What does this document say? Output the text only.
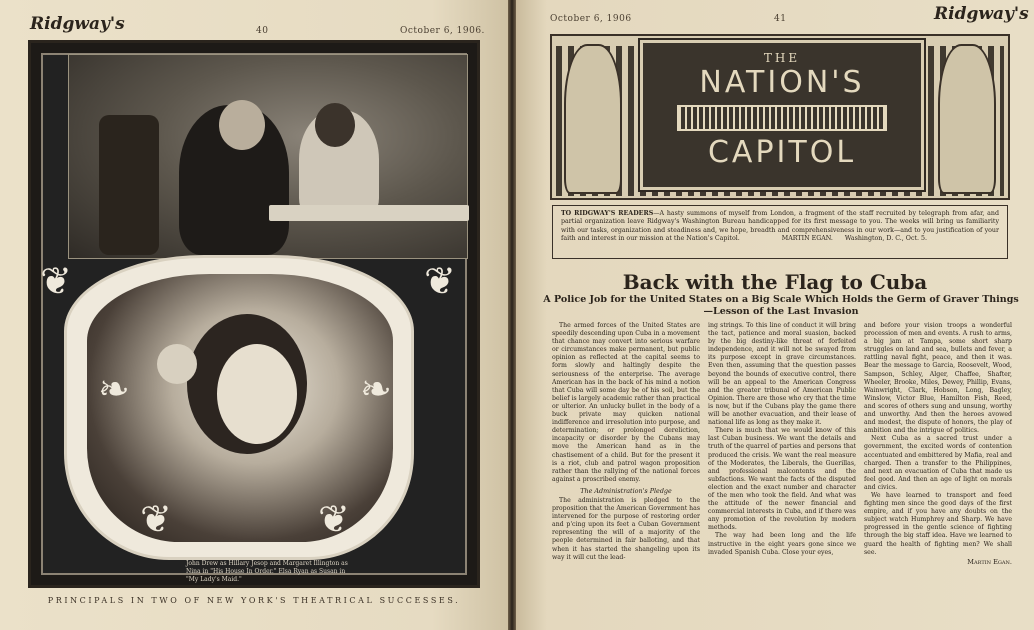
Ridgway's	40	October 6, 1906.
❦	❦
❧	❧
❦	❦
John Drew as Hillary Jesop and Margaret Illington as Nina in "His House In Order." Elsa Ryan as Susan in "My Lady's Maid."
PRINCIPALS IN TWO OF NEW YORK'S THEATRICAL SUCCESSES.
October 6, 1906	41	Ridgway's
THE
NATION'S
CAPITOL
TO RIDGWAY'S READERS—A hasty summons of myself from London, a fragment of the staff recruited by telegraph from afar, and partial organization leave Ridgway's Washington Bureau handicapped for its first message to you. The weeks will bring us familiarity with our tasks, organization and steadiness and, we hope, breadth and comprehensiveness in our work—and to you justification of your faith and interest in our mission at the Nation's Capitol.	MARTIN EGAN. Washington, D. C., Oct. 5.
Back with the Flag to Cuba
A Police Job for the United States on a Big Scale Which Holds the Germ of Graver Things—Lesson of the Last Invasion

The armed forces of the United States are speedily descending upon Cuba in a movement that chance may convert into serious warfare or circumstances make permanent, but public opinion as reflected at the capital seems to form slowly and haltingly despite the seriousness of the enterprise. The average American has in the back of his mind a notion that Cuba will some day be of his soil, but the belief is largely academic rather than practical or ulterior. An unlucky bullet in the body of a buck private may quicken national indifference and irresolution into purpose, and determination; or prolonged dereliction, incapacity or disorder by the Cubans may move the American hand as in the chastisement of a child. But for the present it is a riot, club and patrol wagon proposition rather than the rallying of the national forces against a proscribed enemy.

The Administration's Pledge

The administration is pledged to the proposition that the American Government has intervened for the purpose of restoring order and p'cing upon its feet a Cuban Government representing the will of a majority of the people determined in fair balloting, and that when it has started the shangeling upon its way it will cut the lead-

ing strings. To this line of conduct it will bring the tact, patience and moral suasion, backed by the big destiny-like threat of forfeited independence, and it will not be swayed from its purpose except in grave circumstances. Even then, assuming that the question passes beyond the bounds of executive control, there will be an appeal to the American Congress and the greater tribunal of American Public Opinion. There are those who cry that the time is now, but if the Cubans play the game there will be another evacuation, and their lease of national life as long as they make it.

There is much that we would know of this last Cuban business. We want the details and truth of the quarrel of parties and persons that produced the crisis. We want the real measure of the Moderates, the Liberals, the Guerillas, and professional malcontents and the subfactions. We want the facts of the disputed election and the exact number and character of the men who took the field. And what was the attitude of the newer financial and commercial interests in Cuba, and if there was any promotion of the revolution by modern methods.

The way had been long and the life instructive in the eight years gone since we invaded Spanish Cuba. Close your eyes,

and before your vision troops a wonderful procession of men and events. A rush to arms, a big jam at Tampa, some short sharp struggles on land and sea, bullets and fever, a rattling naval fight, peace, and then it was. Bear the message to Garcia, Roosevelt, Wood, Sampson, Schley, Alger, Chaffee, Shafter, Wheeler, Brooke, Miles, Dewey, Phillip, Evans, Wainwright, Clark, Hobson, Long, Bagley, Winslow, Victor Blue, Hamilton Fish, Reed, and scores of others sung and unsung, worthy and unworthy. And then the heroes avowed and modest, the dispute of honors, the play of ambition and the intrigue of politics.

Next Cuba as a sacred trust under a government, the excited words of contention accentuated and embittered by Mafia, real and charged. Then a transfer to the Philippines, and next an evacuation of Cuba that made us feel good. And then an age of light on morals and civics.

We have learned to transport and feed fighting men since the good days of the first empire, and if you have any doubts on the subject watch Humphrey and Sharp. We have progressed in the gentle science of fighting through the big staff idea. Have we learned to guard the health of fighting men? We shall see.

Martin Egan.
